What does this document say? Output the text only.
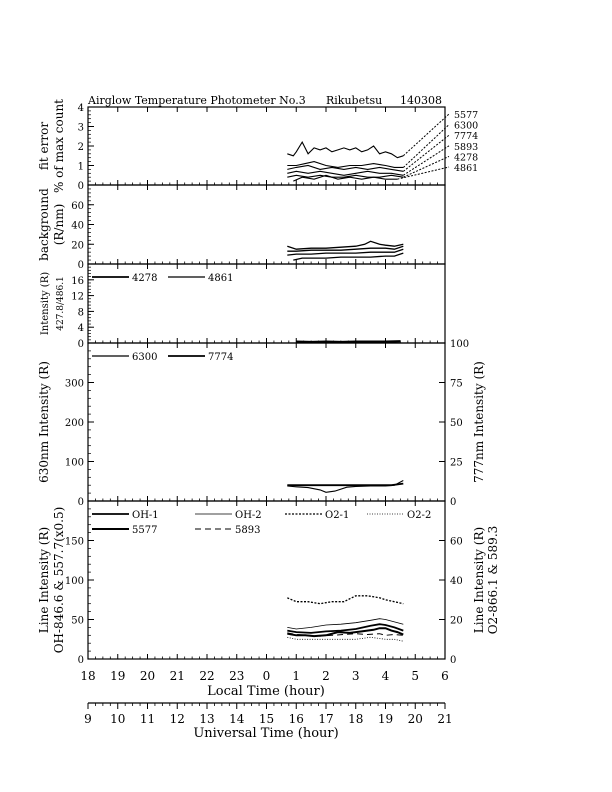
Airglow Temperature Photometer No.3 Rikubetsu 140308
0
1
2
3
4
fit error % of max count	5577
6300
7774
5893
4278
4861
0
20
40
60
background (R/nm)
0
4
8
12
16
Intensity (R) 427.8/486.1	4278	4861
0
100
200
300
0
25
50
75
100
630nm Intensity (R)	777nm Intensity (R)
6300	7774
0
50
100
150
0
20
40
60
Line Intensity (R) OH-846.6 & 557.7(x0.5)	Line Intensity (R) O2-866.1 & 589.3
OH-1	OH-2	O2-1	O2-2
5577	5893
Local Time (hour)
Universal Time (hour)
18 19 20 21 22 23 0 1 2 3 4 5 6
9 10 11 12 13 14 15 16 17 18 19 20 21
